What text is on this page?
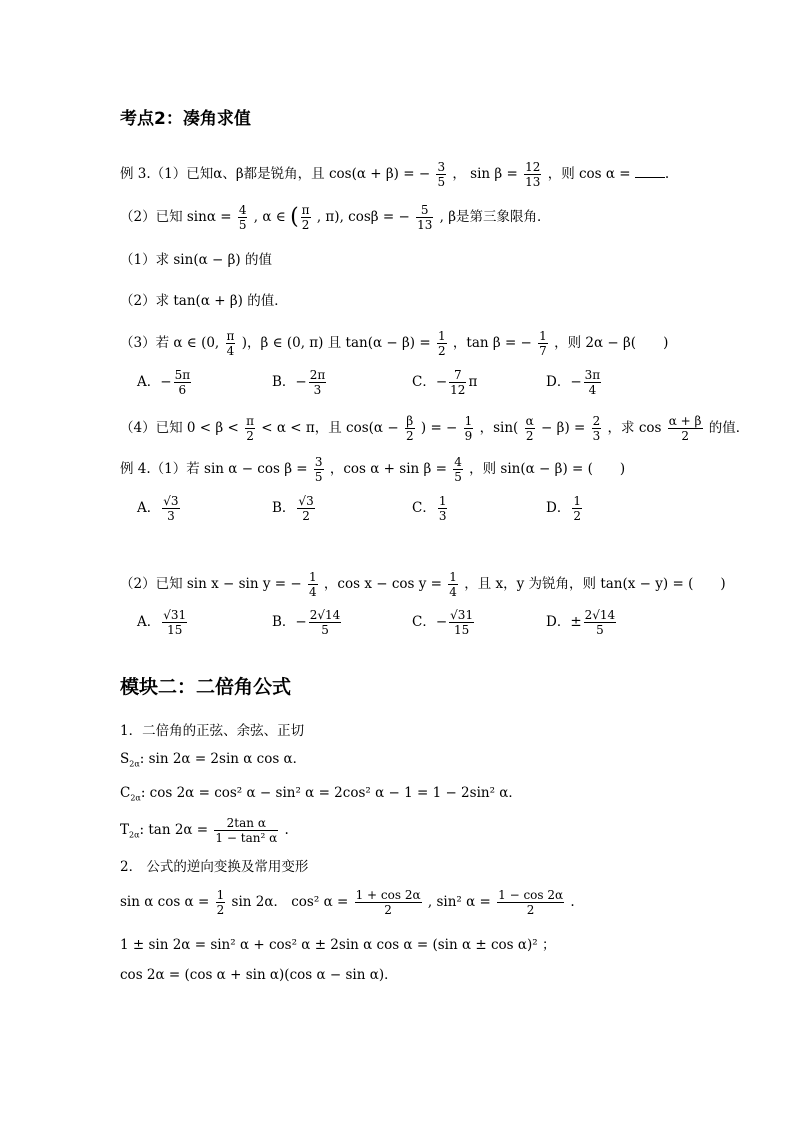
考点2：凑角求值
例 3.（1）已知α、β都是锐角，且 cos(α + β) = − $\frac{3}{5}$ ， $\sin \beta = \frac{12}{13}$ ，则 cos α =	.
（2）已知 $\sin\alpha = \frac{4}{5}$ , α ∈ ( $\frac{\pi}{2}$ , π), cosβ = − $\frac{5}{13}$ , β是第三象限角．
（1）求 sin(α − β) 的值
（2）求 tan(α + β) 的值．
（3）若 α ∈ (0, $\frac{\pi}{4}$ )，β ∈ (0, π) 且 $\tan(\alpha - \beta) = \frac{1}{2}$ ，tan β = − $\frac{1}{7}$ ，则 2α − β(　　)
A．− $\frac{5\pi}{6}$	B．− $\frac{2\pi}{3}$	C．− $\frac{7}{12}$ π	D．− $\frac{3\pi}{4}$
（4）已知 $0 < \beta < \frac{\pi}{2} < \alpha < \pi$，且 $\cos(\alpha - \frac{\beta}{2}$ ) = − $\frac{1}{9}$ ，$\sin( \frac{\alpha}{2} - \beta) = \frac{2}{3}$ ，求 $\cos \frac{\alpha + \beta}{2}$ 的值．
例 4.（1）若 $\sin \alpha - \cos \beta = \frac{3}{5}$ ，$\cos \alpha + \sin \beta = \frac{4}{5}$ ，则 sin(α − β) = (　　)
A． $\frac{√3}{3}$	B． $\frac{√3}{2}$	C． $\frac{1}{3}$	D． $\frac{1}{2}$
（2）已知 sin x − sin y = − $\frac{1}{4}$ ，$\cos x - \cos y = \frac{1}{4}$ ，且 x，y 为锐角，则 tan(x − y) = (　　)
A． $\frac{√31}{15}$	B．− $\frac{2√14}{5}$	C．− $\frac{√31}{15}$	D．± $\frac{2√14}{5}$
模块二：二倍角公式
1．二倍角的正弦、余弦、正切
$S_{2\alpha}$: sin 2α = 2sin α cos α．
$C_{2\alpha}$: cos 2α = cos² α − sin² α = 2cos² α − 1 = 1 − 2sin² α．
$T_{2\alpha}$: $\tan 2\alpha = \frac{\text{2tan α}}{\text{1 − tan² α}}$ .
2． 公式的逆向变换及常用变形
sin α $\cos \alpha = \frac{1}{2}$ sin 2α． cos² $\alpha = \frac{1 + \cos 2\alpha}{2}$ , sin² $\alpha = \frac{1 - \cos 2\alpha}{2}$ .
1 ± sin 2α = sin² α + cos² α ± 2sin α cos α = (sin α ± cos α)² ；
cos 2α = (cos α + sin α)(cos α − sin α)．
